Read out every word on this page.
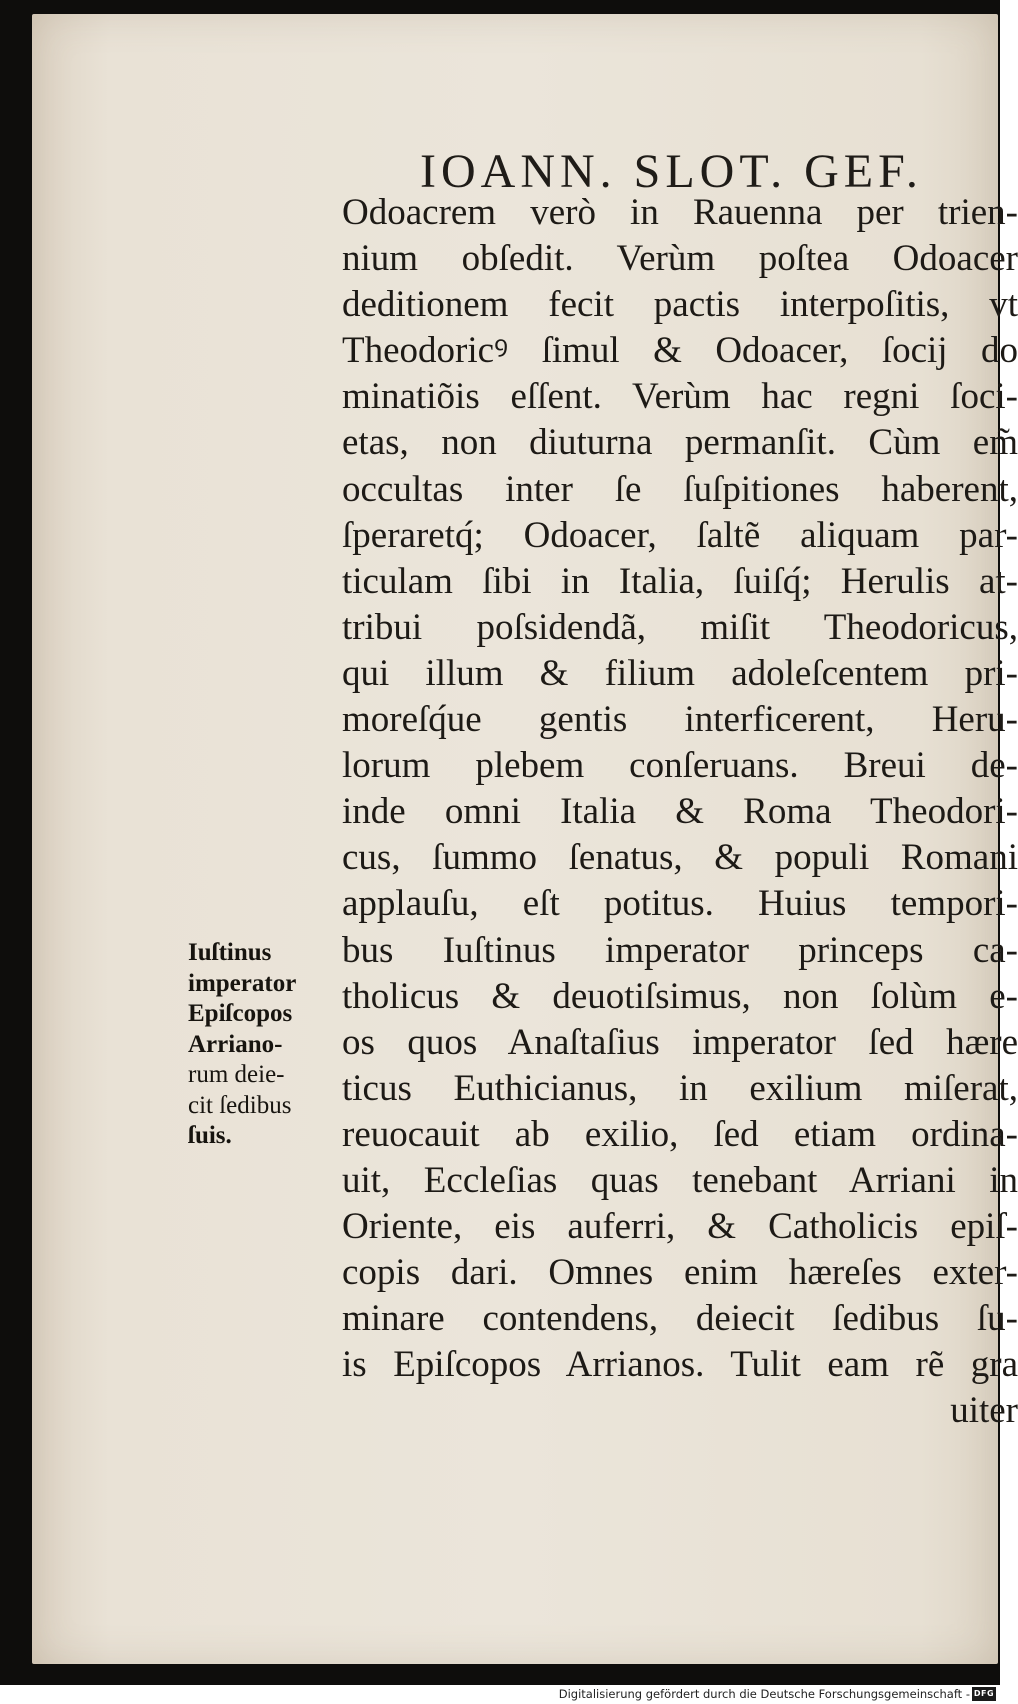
IOANN. SLOT. GEF.
Odoacrem verò in Rauenna per trien-
nium obſedit. Verùm poſtea Odoacer
deditionem fecit pactis interpoſitis, vt
Theodoricꝰ ſimul & Odoacer, ſocij do
minatiõis eſſent. Verùm hac regni ſoci-
etas, non diuturna permanſit. Cùm em̃
occultas inter ſe ſuſpitiones haberent,
ſperaretq́; Odoacer, ſaltẽ aliquam par-
ticulam ſibi in Italia, ſuiſq́; Herulis at-
tribui poſsidendã, miſit Theodoricus,
qui illum & filium adoleſcentem pri-
moreſq́ue gentis interficerent, Heru-
lorum plebem conſeruans. Breui de-
inde omni Italia & Roma Theodori-
cus, ſummo ſenatus, & populi Romani
applauſu, eſt potitus. Huius tempori-
bus Iuſtinus imperator princeps ca-
tholicus & deuotiſsimus, non ſolùm e-
os quos Anaſtaſius imperator ſed hære
ticus Euthicianus, in exilium miſerat,
reuocauit ab exilio, ſed etiam ordina-
uit, Eccleſias quas tenebant Arriani in
Oriente, eis auferri, & Catholicis epiſ-
copis dari. Omnes enim hæreſes exter-
minare contendens, deiecit ſedibus ſu-
is Epiſcopos Arrianos. Tulit eam rẽ gra
uiter
Iuſtinus
imperator
Epiſcopos
Arriano-
rum deie-
cit ſedibus
ſuis.
Digitalisierung gefördert durch die Deutsche Forschungsgemeinschaft - DFG
